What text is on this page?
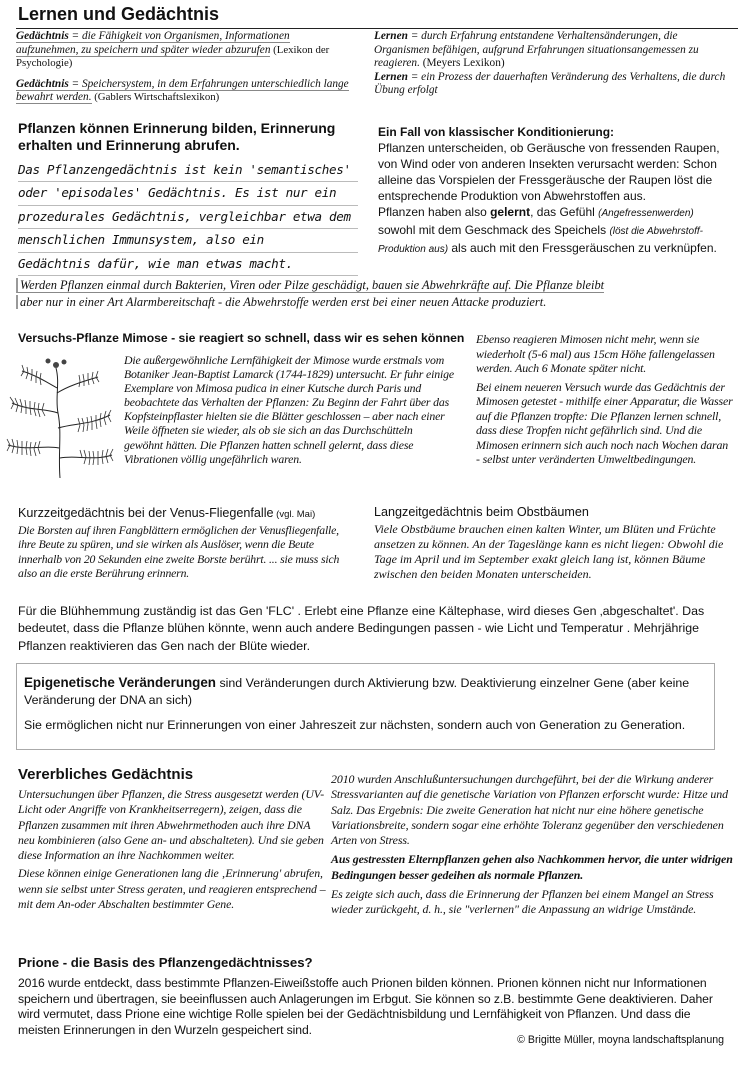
Lernen und Gedächtnis

Gedächtnis = die Fähigkeit von Organismen, Informationen aufzunehmen, zu speichern und später wieder abzurufen (Lexikon der Psychologie)

Gedächtnis = Speichersystem, in dem Erfahrungen unterschiedlich lange bewahrt werden. (Gablers Wirtschaftslexikon)

Lernen = durch Erfahrung entstandene Verhaltensänderungen, die Organismen befähigen, aufgrund Erfahrungen situationsangemessen zu reagieren. (Meyers Lexikon)

Lernen = ein Prozess der dauerhaften Veränderung des Verhaltens, die durch Übung erfolgt

Pflanzen können Erinnerung bilden, Erinnerung erhalten und Erinnerung abrufen.
Das Pflanzengedächtnis ist kein 'semantisches'
oder 'episodales' Gedächtnis. Es ist nur ein
prozedurales Gedächtnis, vergleichbar etwa dem
menschlichen Immunsystem, also ein
Gedächtnis dafür, wie man etwas macht.

Ein Fall von klassischer Konditionierung:

Pflanzen unterscheiden, ob Geräusche von fressenden Raupen, von Wind oder von anderen Insekten verursacht werden: Schon alleine das Vorspielen der Fressgeräusche der Raupen löst die entsprechende Produktion von Abwehrstoffen aus.

Pflanzen haben also gelernt, das Gefühl (Angefressenwerden) sowohl mit dem Geschmack des Speichels (löst die Abwehrstoff-Produktion aus) als auch mit den Fressgeräuschen zu verknüpfen.

Werden Pflanzen einmal durch Bakterien, Viren oder Pilze geschädigt, bauen sie Abwehrkräfte auf. Die Pflanze bleibt
aber nur in einer Art Alarmbereitschaft - die Abwehrstoffe werden erst bei einer neuen Attacke produziert.
Versuchs-Pflanze Mimose - sie reagiert so schnell, dass wir es sehen können
Die außergewöhnliche Lernfähigkeit der Mimose wurde erstmals vom Botaniker Jean-Baptist Lamarck (1744-1829) untersucht. Er fuhr einige Exemplare von Mimosa pudica in einer Kutsche durch Paris und beobachtete das Verhalten der Pflanzen: Zu Beginn der Fahrt über das Kopfsteinpflaster hielten sie die Blätter geschlossen – aber nach einer Weile öffneten sie wieder, als ob sie sich an das Durchschütteln gewöhnt hätten. Die Pflanzen hatten schnell gelernt, dass diese Vibrationen völlig ungefährlich waren.

Ebenso reagieren Mimosen nicht mehr, wenn sie wiederholt (5-6 mal) aus 15cm Höhe fallengelassen werden. Auch 6 Monate später nicht.

Bei einem neueren Versuch wurde das Gedächtnis der Mimosen getestet - mithilfe einer Apparatur, die Wasser auf die Pflanzen tropfte: Die Pflanzen lernen schnell, dass diese Tropfen nicht gefährlich sind. Und die Mimosen erinnern sich auch noch nach Wochen daran - selbst unter veränderten Umweltbedingungen.

Kurzzeitgedächtnis bei der Venus-Fliegenfalle (vgl. Mai)
Die Borsten auf ihren Fangblättern ermöglichen der Venusfliegenfalle, ihre Beute zu spüren, und sie wirken als Auslöser, wenn die Beute innerhalb von 20 Sekunden eine zweite Borste berührt. ... sie muss sich also an die erste Berührung erinnern.
Langzeitgedächtnis beim Obstbäumen
Viele Obstbäume brauchen einen kalten Winter, um Blüten und Früchte ansetzen zu können. An der Tageslänge kann es nicht liegen: Obwohl die Tage im April und im September exakt gleich lang ist, können Bäume zwischen den beiden Monaten unterscheiden.
Für die Blühhemmung zuständig ist das Gen 'FLC' . Erlebt eine Pflanze eine Kältephase, wird dieses Gen ‚abgeschaltet'. Das bedeutet, dass die Pflanze blühen könnte, wenn auch andere Bedingungen passen - wie Licht und Temperatur . Mehrjährige Pflanzen reaktivieren das Gen nach der Blüte wieder.
Epigenetische Veränderungen sind Veränderungen durch Aktivierung bzw. Deaktivierung einzelner Gene (aber keine Veränderung der DNA an sich)
Sie ermöglichen nicht nur Erinnerungen von einer Jahreszeit zur nächsten, sondern auch von Generation zu Generation.
Vererbliches Gedächtnis

Untersuchungen über Pflanzen, die Stress ausgesetzt werden (UV-Licht oder Angriffe von Krankheitserregern), zeigen, dass die Pflanzen zusammen mit ihren Abwehrmethoden auch ihre DNA neu kombinieren (also Gene an- und abschalteten). Und sie geben diese Information an ihre Nachkommen weiter.

Diese können einige Generationen lang die ‚Erinnerung' abrufen, wenn sie selbst unter Stress geraten, und reagieren entsprechend – mit dem An-oder Abschalten bestimmter Gene.

2010 wurden Anschlußuntersuchungen durchgeführt, bei der die Wirkung anderer Stressvarianten auf die genetische Variation von Pflanzen erforscht wurde: Hitze und Salz. Das Ergebnis: Die zweite Generation hat nicht nur eine höhere genetische Variationsbreite, sondern sogar eine erhöhte Toleranz gegenüber den verschiedenen Arten von Stress.

Aus gestressten Elternpflanzen gehen also Nachkommen hervor, die unter widrigen Bedingungen besser gedeihen als normale Pflanzen.

Es zeigte sich auch, dass die Erinnerung der Pflanzen bei einem Mangel an Stress wieder zurückgeht, d. h., sie "verlernen" die Anpassung an widrige Umstände.

Prione - die Basis des Pflanzengedächtnisses?
2016 wurde entdeckt, dass bestimmte Pflanzen-Eiweißstoffe auch Prionen bilden können. Prionen können nicht nur Informationen speichern und übertragen, sie beeinflussen auch Anlagerungen im Erbgut. Sie können so z.B. bestimmte Gene deaktivieren. Daher wird vermutet, dass Prione eine wichtige Rolle spielen bei der Gedächtnisbildung und Lernfähigkeit von Pflanzen. Und dass die meisten Erinnerungen in den Wurzeln gespeichert sind.
© Brigitte Müller, moyna landschaftsplanung
